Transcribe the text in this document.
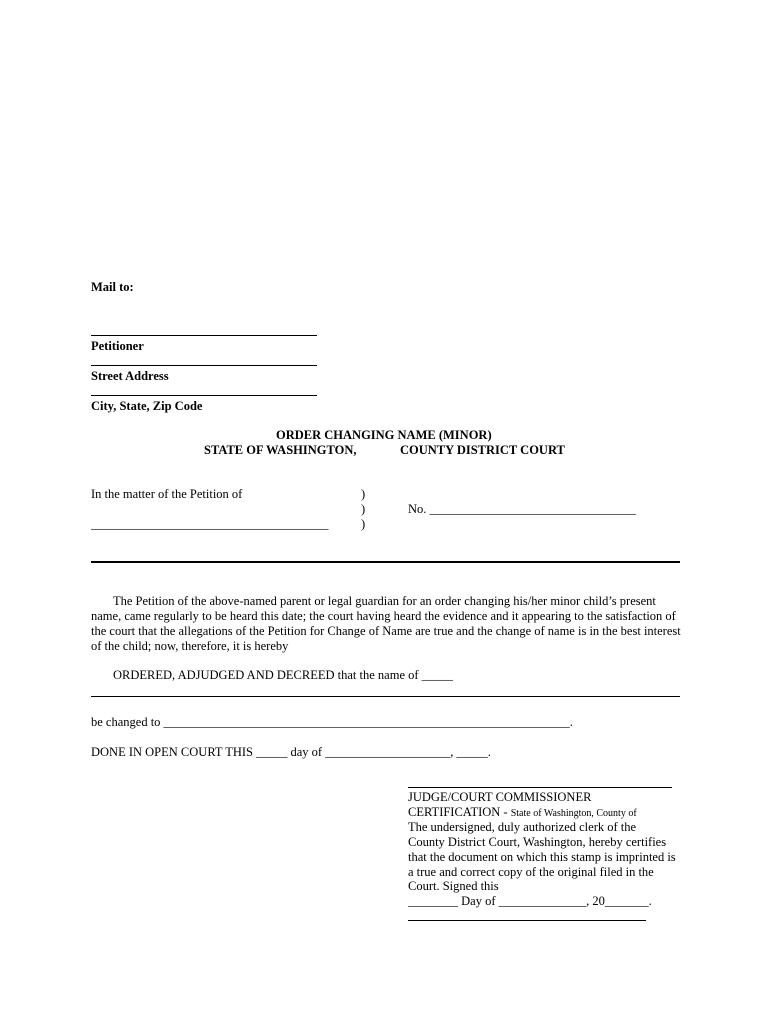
Mail to:
Petitioner
Street Address
City, State, Zip Code
ORDER CHANGING NAME (MINOR)
STATE OF WASHINGTON,	COUNTY DISTRICT COURT
In the matter of the Petition of	)
)
)
No. _________________________________
______________________________________
The Petition of the above-named parent or legal guardian for an order changing his/her minor child’s present name, came regularly to be heard this date; the court having heard the evidence and it appearing to the satisfaction of the court that the allegations of the Petition for Change of Name are true and the change of name is in the best interest of the child; now, therefore, it is hereby
ORDERED, ADJUDGED AND DECREED that the name of _____
be changed to _________________________________________________________________.
DONE IN OPEN COURT THIS _____ day of ____________________, _____.
JUDGE/COURT COMMISSIONER
CERTIFICATION - State of Washington, County of
The undersigned, duly authorized clerk of the
County District Court, Washington, hereby certifies
that the document on which this stamp is imprinted is
a true and correct copy of the original filed in the
Court. Signed this
________ Day of ______________, 20_______.
